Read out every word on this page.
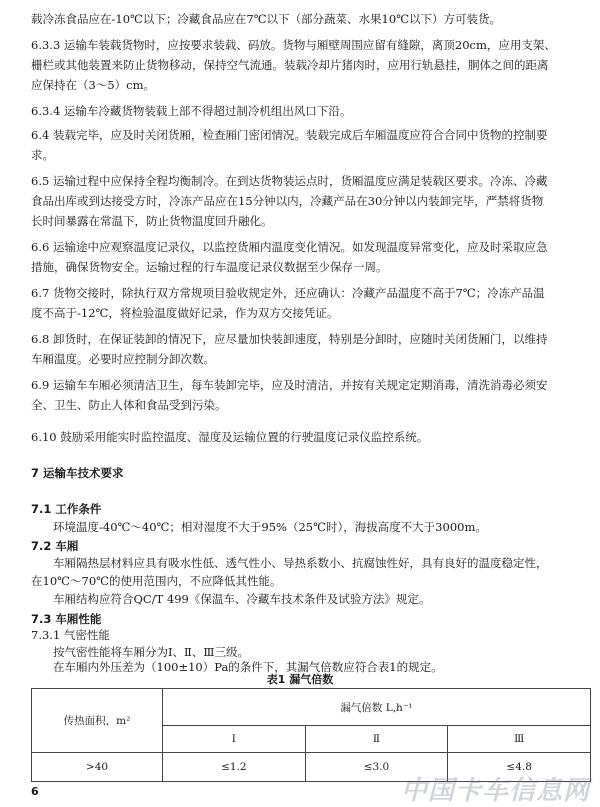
载冷冻食品应在-10℃以下；冷藏食品应在7℃以下（部分蔬菜、水果10℃以下）方可装货。
6.3.3 运输车装载货物时，应按要求装载、码放。货物与厢壁周围应留有缝隙，离顶20cm，应用支架、
栅栏或其他装置来防止货物移动，保持空气流通。装载冷却片猪肉时，应用行轨悬挂，胴体之间的距离
应保持在（3～5）cm。
6.3.4 运输车冷藏货物装载上部不得超过制冷机组出风口下沿。
6.4 装载完毕，应及时关闭货厢，检查厢门密闭情况。装载完成后车厢温度应符合合同中货物的控制要
求。
6.5 运输过程中应保持全程均衡制冷。在到达货物装运点时，货厢温度应满足装载区要求。冷冻、冷藏
食品出库或到达接受方时，冷冻产品应在15分钟以内，冷藏产品在30分钟以内装卸完毕，严禁将货物
长时间暴露在常温下，防止货物温度回升融化。
6.6 运输途中应观察温度记录仪，以监控货厢内温度变化情况。如发现温度异常变化，应及时采取应急
措施，确保货物安全。运输过程的行车温度记录仪数据至少保存一周。
6.7 货物交接时，除执行双方常规项目验收规定外，还应确认：冷藏产品温度不高于7℃；冷冻产品温
度不高于-12℃，将检验温度做好记录，作为双方交接凭证。
6.8 卸货时，在保证装卸的情况下，应尽量加快装卸速度，特别是分卸时，应随时关闭货厢门，以维持
车厢温度。必要时应控制分卸次数。
6.9 运输车车厢必须清洁卫生，每车装卸完毕，应及时清洁，并按有关规定定期消毒，清洗消毒必须安
全、卫生、防止人体和食品受到污染。
6.10 鼓励采用能实时监控温度、湿度及运输位置的行驶温度记录仪监控系统。
7 运输车技术要求
7.1 工作条件
环境温度-40℃～40℃；相对湿度不大于95%（25℃时），海拔高度不大于3000m。
7.2 车厢
车厢隔热层材料应具有吸水性低、透气性小、导热系数小、抗腐蚀性好，具有良好的温度稳定性，
在10℃～70℃的使用范围内，不应降低其性能。
车厢结构应符合QC/T 499《保温车、冷藏车技术条件及试验方法》规定。
7.3 车厢性能
7.3.1 气密性能
表1 漏气倍数
传热面积，m²	漏气倍数 L,h⁻¹		
	Ⅰ	Ⅱ	Ⅲ
>40	≤1.2	≤3.0	≤4.8
6	中国卡车信息网
按气密性能将车厢分为Ⅰ、Ⅱ、Ⅲ三级。
在车厢内外压差为（100±10）Pa的条件下，其漏气倍数应符合表1的规定。
